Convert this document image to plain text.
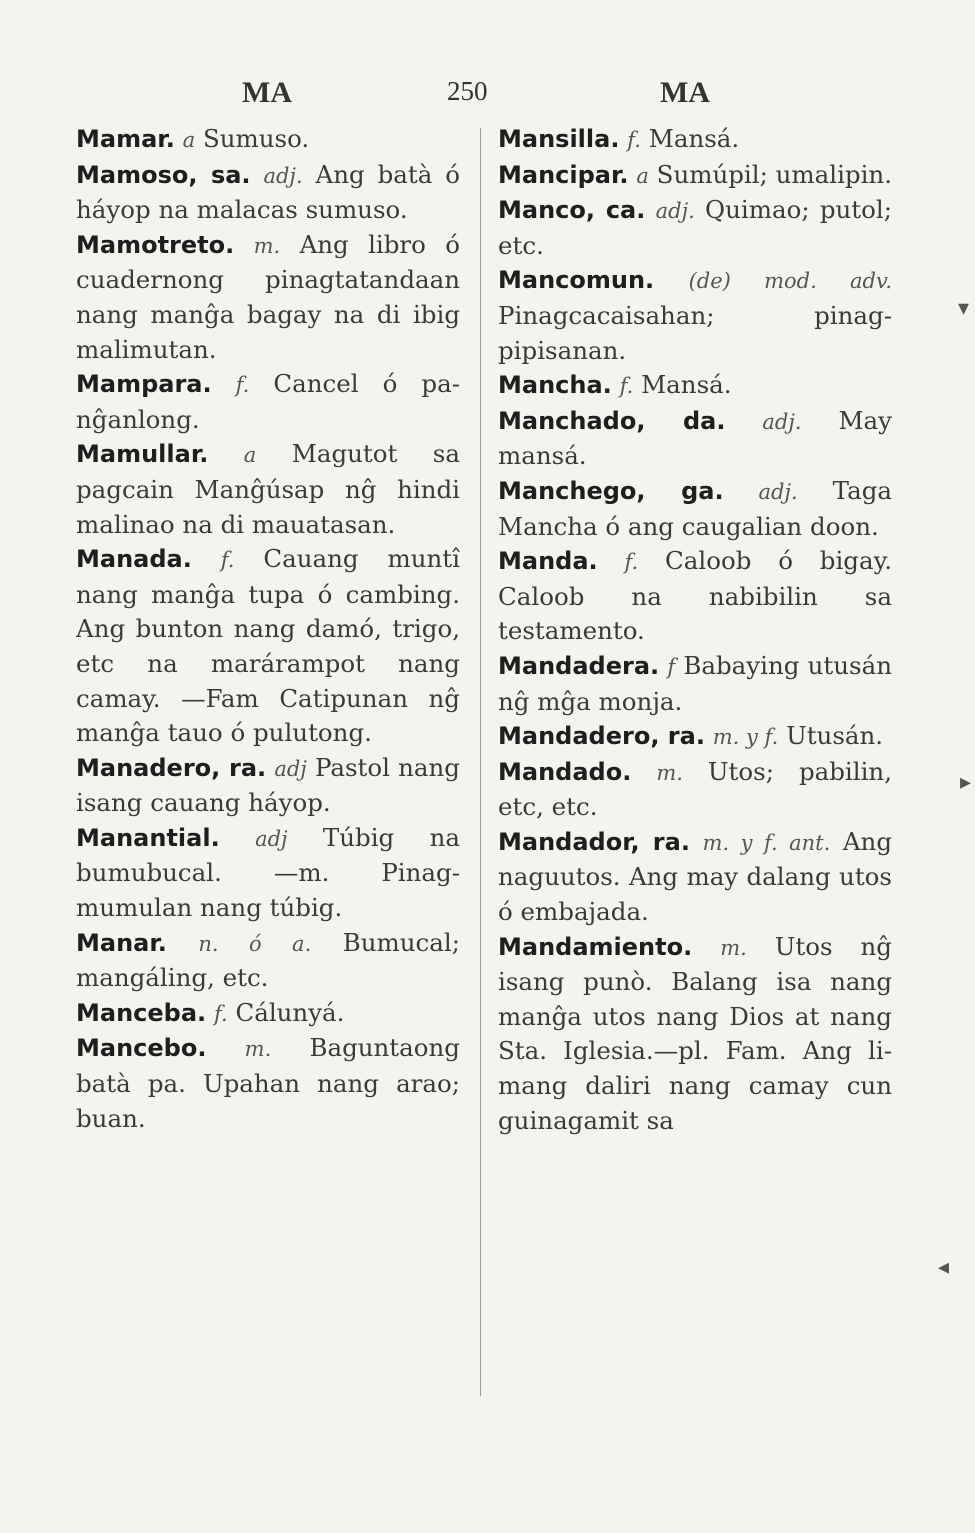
MA	250	MA

Mamar. a Sumuso.

Mamoso, sa. adj. Ang batà ó háyop na malacas sumuso.

Mamotreto. m. Ang libro ó cuadernong pinagtatandaan nang manĝa bagay na di ibig malimutan.

Mampara. f. Cancel ó panĝanlong.

Mamullar. a Magutot sa pagcain Manĝúsap nĝ hindi malinao na di mauatasan.

Manada. f. Cauang muntî nang manĝa tupa ó cambing. Ang bunton nang damó, trigo, etc na marárampot nang camay. —Fam Catipunan nĝ manĝa tauo ó pulutong.

Manadero, ra. adj Pastol nang isang cauang háyop.

Manantial. adj Túbig na bumubucal. —m. Pinagmumulan nang túbig.

Manar. n. ó a. Bumucal; mangáling, etc.

Manceba. f. Cálunyá.

Mancebo. m. Baguntaong batà pa. Upahan nang arao; buan.

Mansilla. f. Mansá.

Mancipar. a Sumúpil; umalipin.

Manco, ca. adj. Quimao; putol; etc.

Mancomun. (de) mod. adv. Pinagcacaisahan; pinagpipisanan.

Mancha. f. Mansá.

Manchado, da. adj. May mansá.

Manchego, ga. adj. Taga Mancha ó ang caugalian doon.

Manda. f. Caloob ó bigay. Caloob na nabibilin sa testamento.

Mandadera. f Babaying utusán nĝ mĝa monja.

Mandadero, ra. m. y f. Utusán.

Mandado. m. Utos; pabilin, etc, etc.

Mandador, ra. m. y f. ant. Ang naguutos. Ang may dalang utos ó embajada.

Mandamiento. m. Utos nĝ isang punò. Balang isa nang manĝa utos nang Dios at nang Sta. Iglesia.—pl. Fam. Ang limang daliri nang camay cun guinagamit sa

▾
▸
◂
